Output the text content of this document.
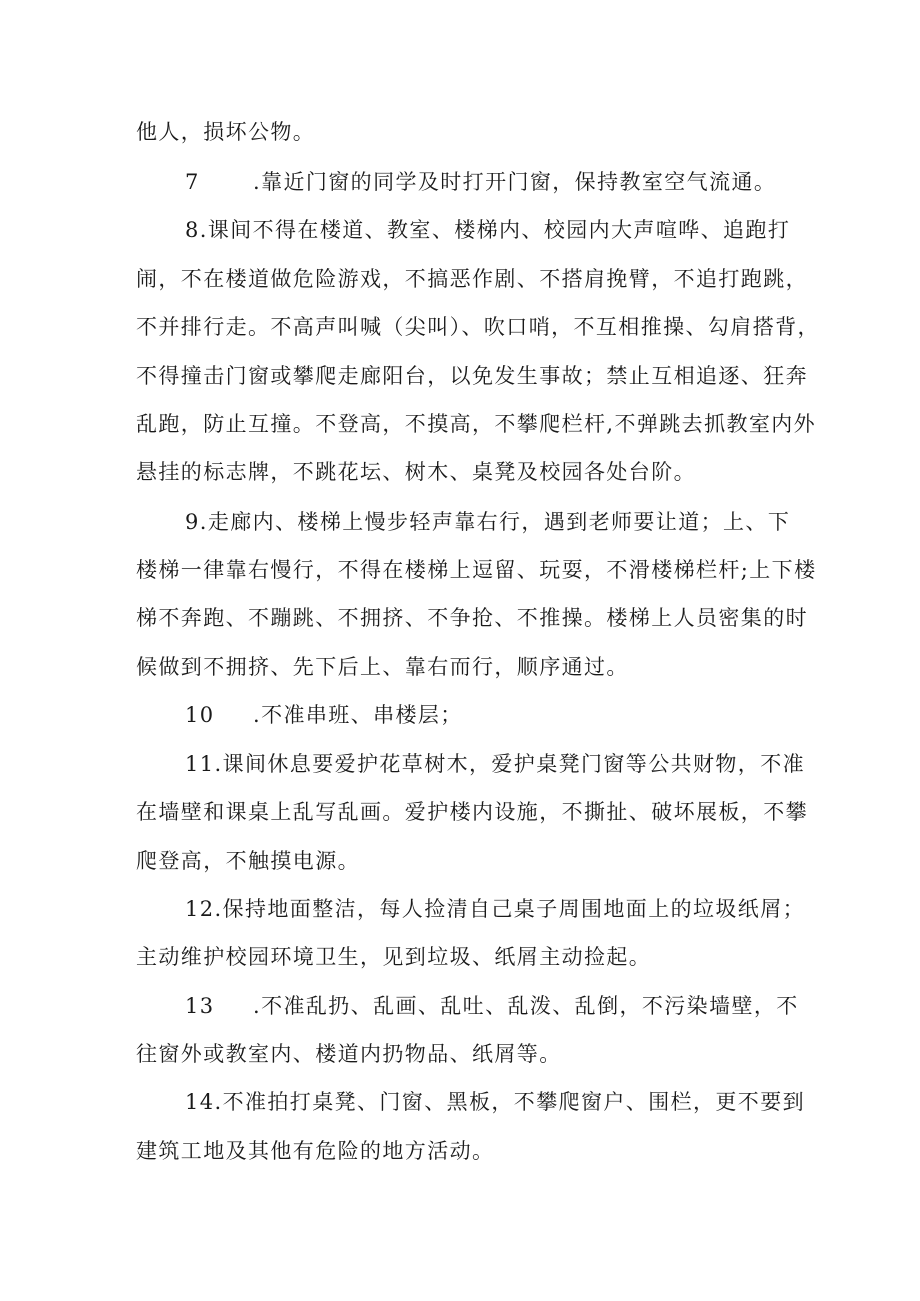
他人，损坏公物。
7	.靠近门窗的同学及时打开门窗，保持教室空气流通。
8.课间不得在楼道、教室、楼梯内、校园内大声喧哗、追跑打
闹，不在楼道做危险游戏，不搞恶作剧、不搭肩挽臂，不追打跑跳，
不并排行走。不高声叫喊（尖叫）、吹口哨，不互相推操、勾肩搭背，
不得撞击门窗或攀爬走廊阳台，以免发生事故；禁止互相追逐、狂奔
乱跑，防止互撞。不登高，不摸高，不攀爬栏杆,不弹跳去抓教室内外
悬挂的标志牌，不跳花坛、树木、桌凳及校园各处台阶。
9.走廊内、楼梯上慢步轻声靠右行，遇到老师要让道；上、下
楼梯一律靠右慢行，不得在楼梯上逗留、玩耍，不滑楼梯栏杆;上下楼
梯不奔跑、不蹦跳、不拥挤、不争抢、不推操。楼梯上人员密集的时
候做到不拥挤、先下后上、靠右而行，顺序通过。
10 .不准串班、串楼层；
11.课间休息要爱护花草树木，爱护桌凳门窗等公共财物，不准
在墙壁和课桌上乱写乱画。爱护楼内设施，不撕扯、破坏展板，不攀
爬登高，不触摸电源。
12.保持地面整洁，每人捡清自己桌子周围地面上的垃圾纸屑；
主动维护校园环境卫生，见到垃圾、纸屑主动捡起。
13 .不准乱扔、乱画、乱吐、乱泼、乱倒，不污染墙壁，不
往窗外或教室内、楼道内扔物品、纸屑等。
14.不准拍打桌凳、门窗、黑板，不攀爬窗户、围栏，更不要到
建筑工地及其他有危险的地方活动。
